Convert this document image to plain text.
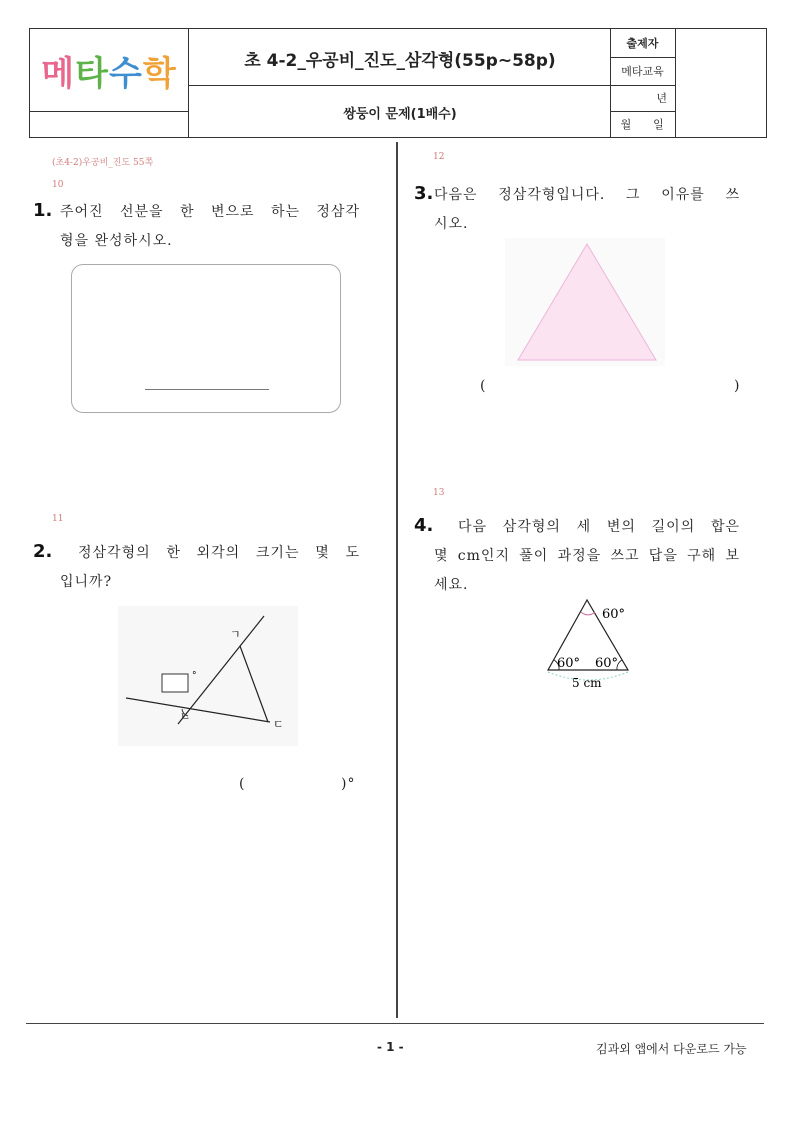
메타수학	초 4-2_우공비_진도_삼각형(55p~58p)
쌍둥이 문제(1배수)
출제자
메타교육
년
월	일
(초4-2)우공비_진도 55쪽
10
1. 주어진 선분을 한 변으로 하는 정삼각
형을 완성하시오.
11
2.	정삼각형의 한 외각의 크기는 몇 도
입니까?
°
ㄱ
ㄴ
ㄷ
(	)°
12
3. 다음은 정삼각형입니다. 그 이유를 쓰
시오.
(	)
13
4.	다음 삼각형의 세 변의 길이의 합은
몇 cm인지 풀이 과정을 쓰고 답을 구해 보
세요.
60°
60° 60°
5 cm
- 1 -	김과외 앱에서 다운로드 가능
